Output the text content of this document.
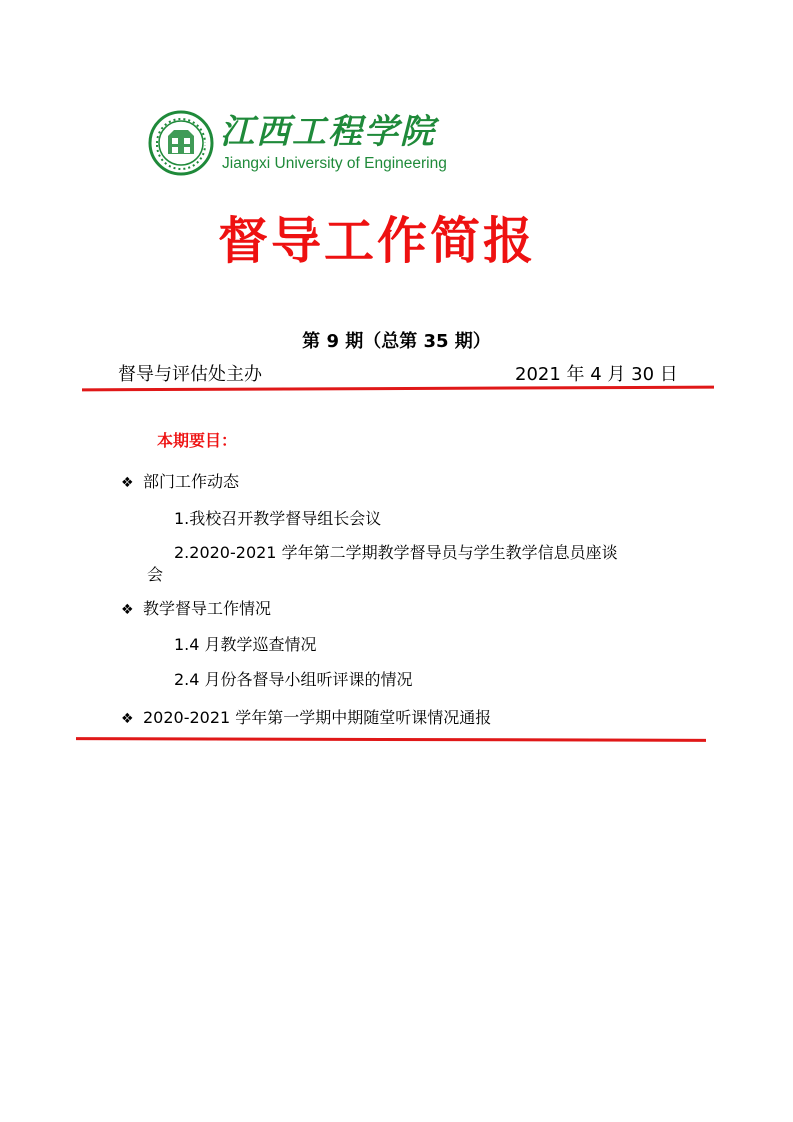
江西工程学院
Jiangxi University of Engineering
督导工作简报
第 9 期（总第 35 期）
督导与评估处主办	2021 年 4 月 30 日
本期要目：
❖ 部门工作动态
1.我校召开教学督导组长会议
2.2020-2021 学年第二学期教学督导员与学生教学信息员座谈
会
❖ 教学督导工作情况
1.4 月教学巡查情况
2.4 月份各督导小组听评课的情况
❖ 2020-2021 学年第一学期中期随堂听课情况通报
